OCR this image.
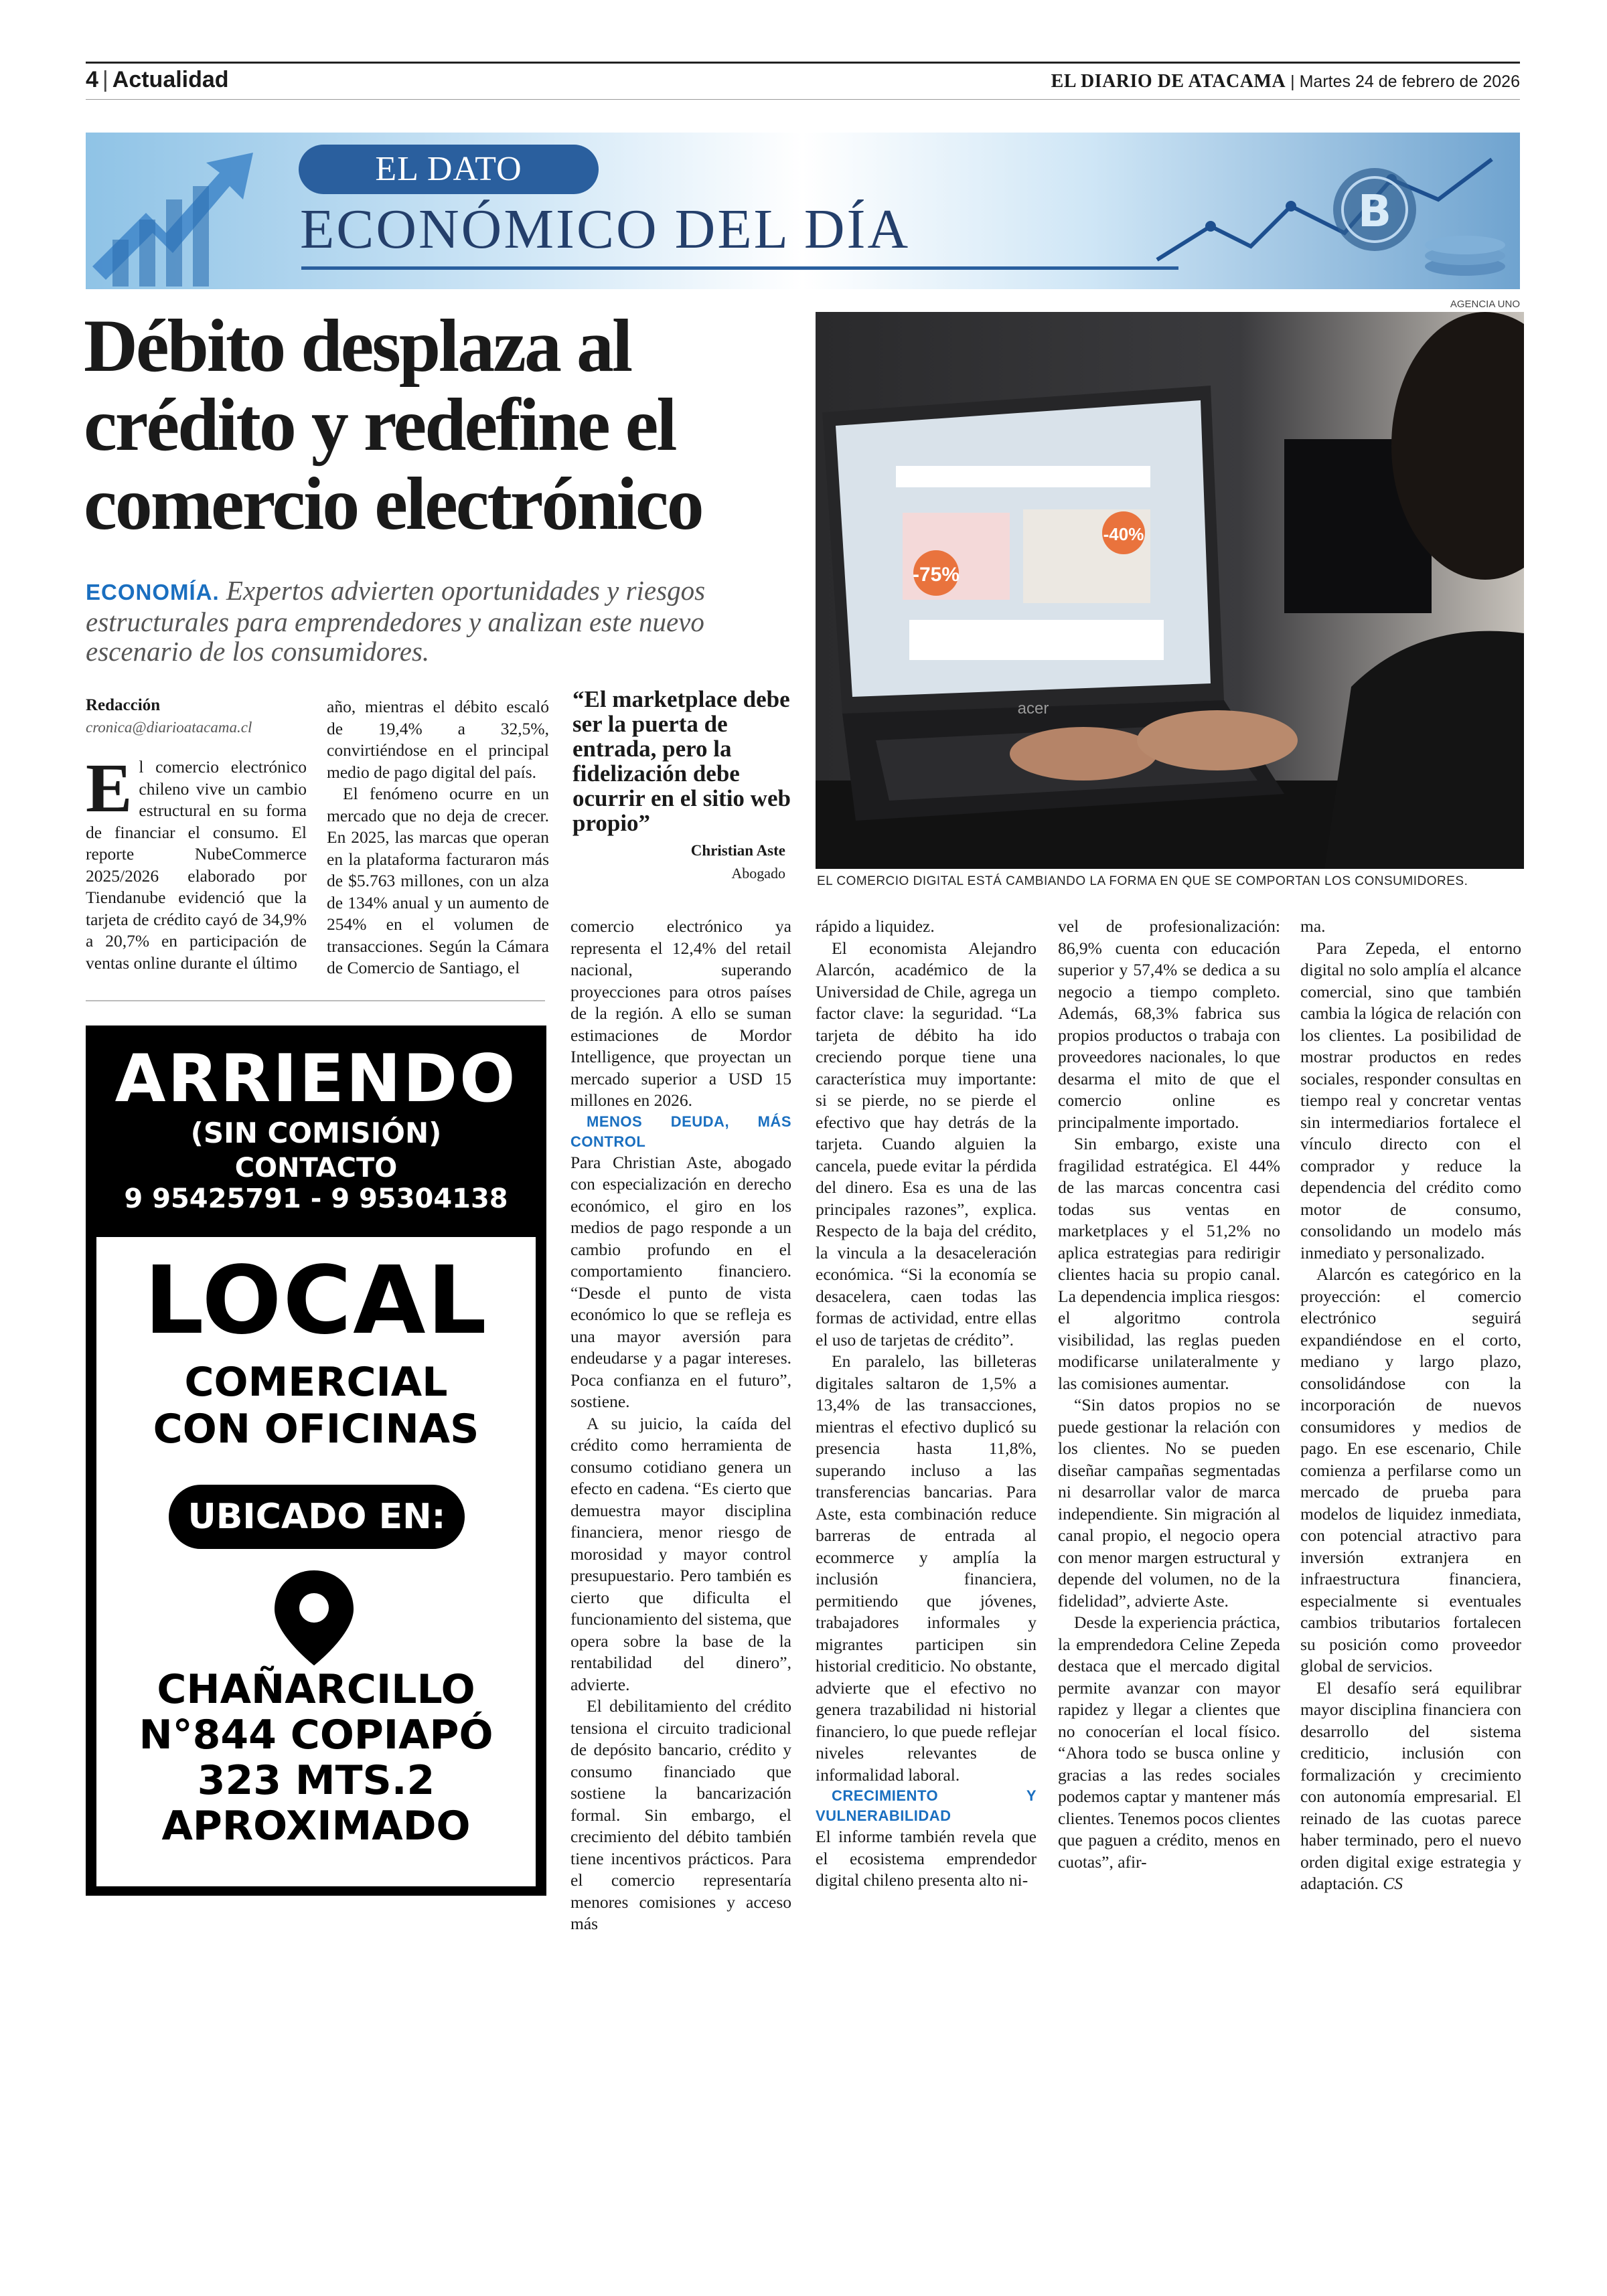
4 | Actualidad	EL DIARIO DE ATACAMA | Martes 24 de febrero de 2026
B
EL DATO
ECONÓMICO DEL DÍA
Débito desplaza al crédito y redefine el comercio electrónico
ECONOMÍA. Expertos advierten oportunidades y riesgos estructurales para emprendedores y analizan este nuevo escenario de los consumidores.
AGENCIA UNO
-75%
-40%
acer
EL COMERCIO DIGITAL ESTÁ CAMBIANDO LA FORMA EN QUE SE COMPORTAN LOS CONSUMIDORES.
Redacción
cronica@diarioatacama.cl

El comercio electrónico chileno vive un cambio estructural en su forma de financiar el consumo. El reporte NubeCommerce 2025/2026 elaborado por Tiendanube evidenció que la tarjeta de crédito cayó de 34,9% a 20,7% en participación de ventas online durante el último

año, mientras el débito escaló de 19,4% a 32,5%, convirtiéndose en el principal medio de pago digital del país.

El fenómeno ocurre en un mercado que no deja de crecer. En 2025, las marcas que operan en la plataforma facturaron más de $5.763 millones, con un alza de 134% anual y un aumento de 254% en el volumen de transacciones. Según la Cámara de Comercio de Santiago, el

“El marketplace debe ser la puerta de entrada, pero la fidelización debe ocurrir en el sitio web propio”
Christian Aste
Abogado

comercio electrónico ya representa el 12,4% del retail nacional, superando proyecciones para otros países de la región. A ello se suman estimaciones de Mordor Intelligence, que proyectan un mercado superior a USD 15 millones en 2026.

MENOS DEUDA, MÁS CONTROL

Para Christian Aste, abogado con especialización en derecho económico, el giro en los medios de pago responde a un cambio profundo en el comportamiento financiero. “Desde el punto de vista económico lo que se refleja es una mayor aversión para endeudarse y a pagar intereses. Poca confianza en el futuro”, sostiene.

A su juicio, la caída del crédito como herramienta de consumo cotidiano genera un efecto en cadena. “Es cierto que demuestra mayor disciplina financiera, menor riesgo de morosidad y mayor control presupuestario. Pero también es cierto que dificulta el funcionamiento del sistema, que opera sobre la base de la rentabilidad del dinero”, advierte.

El debilitamiento del crédito tensiona el circuito tradicional de depósito bancario, crédito y consumo financiado que sostiene la bancarización formal. Sin embargo, el crecimiento del débito también tiene incentivos prácticos. Para el comercio representaría menores comisiones y acceso más

rápido a liquidez.

El economista Alejandro Alarcón, académico de la Universidad de Chile, agrega un factor clave: la seguridad. “La tarjeta de débito ha ido creciendo porque tiene una característica muy importante: si se pierde, no se pierde el efectivo que hay detrás de la tarjeta. Cuando alguien la cancela, puede evitar la pérdida del dinero. Esa es una de las principales razones”, explica. Respecto de la baja del crédito, la vincula a la desaceleración económica. “Si la economía se desacelera, caen todas las formas de actividad, entre ellas el uso de tarjetas de crédito”.

En paralelo, las billeteras digitales saltaron de 1,5% a 13,4% de las transacciones, mientras el efectivo duplicó su presencia hasta 11,8%, superando incluso a las transferencias bancarias. Para Aste, esta combinación reduce barreras de entrada al ecommerce y amplía la inclusión financiera, permitiendo que jóvenes, trabajadores informales y migrantes participen sin historial crediticio. No obstante, advierte que el efectivo no genera trazabilidad ni historial financiero, lo que puede reflejar niveles relevantes de informalidad laboral.

CRECIMIENTO Y VULNERABILIDAD

El informe también revela que el ecosistema emprendedor digital chileno presenta alto ni-

vel de profesionalización: 86,9% cuenta con educación superior y 57,4% se dedica a su negocio a tiempo completo. Además, 68,3% fabrica sus propios productos o trabaja con proveedores nacionales, lo que desarma el mito de que el comercio online es principalmente importado.

Sin embargo, existe una fragilidad estratégica. El 44% de las marcas concentra casi todas sus ventas en marketplaces y el 51,2% no aplica estrategias para redirigir clientes hacia su propio canal. La dependencia implica riesgos: el algoritmo controla visibilidad, las reglas pueden modificarse unilateralmente y las comisiones aumentar.

“Sin datos propios no se puede gestionar la relación con los clientes. No se pueden diseñar campañas segmentadas ni desarrollar valor de marca independiente. Sin migración al canal propio, el negocio opera con menor margen estructural y depende del volumen, no de la fidelidad”, advierte Aste.

Desde la experiencia práctica, la emprendedora Celine Zepeda destaca que el mercado digital permite avanzar con mayor rapidez y llegar a clientes que no conocerían el local físico. “Ahora todo se busca online y gracias a las redes sociales podemos captar y mantener más clientes. Tenemos pocos clientes que paguen a crédito, menos en cuotas”, afir-

ma.

Para Zepeda, el entorno digital no solo amplía el alcance comercial, sino que también cambia la lógica de relación con los clientes. La posibilidad de mostrar productos en redes sociales, responder consultas en tiempo real y concretar ventas sin intermediarios fortalece el vínculo directo con el comprador y reduce la dependencia del crédito como motor de consumo, consolidando un modelo más inmediato y personalizado.

Alarcón es categórico en la proyección: el comercio electrónico seguirá expandiéndose en el corto, mediano y largo plazo, consolidándose con la incorporación de nuevos consumidores y medios de pago. En ese escenario, Chile comienza a perfilarse como un mercado de prueba para modelos de liquidez inmediata, con potencial atractivo para inversión extranjera en infraestructura financiera, especialmente si eventuales cambios tributarios fortalecen su posición como proveedor global de servicios.

El desafío será equilibrar mayor disciplina financiera con desarrollo del sistema crediticio, inclusión con formalización y crecimiento con autonomía empresarial. El reinado de las cuotas parece haber terminado, pero el nuevo orden digital exige estrategia y adaptación. CS

ARRIENDO
(SIN COMISIÓN)
CONTACTO
9 95425791 - 9 95304138
LOCAL
COMERCIAL
CON OFICINAS
UBICADO EN:
CHAÑARCILLO
N°844 COPIAPÓ
323 MTS.2
APROXIMADO
